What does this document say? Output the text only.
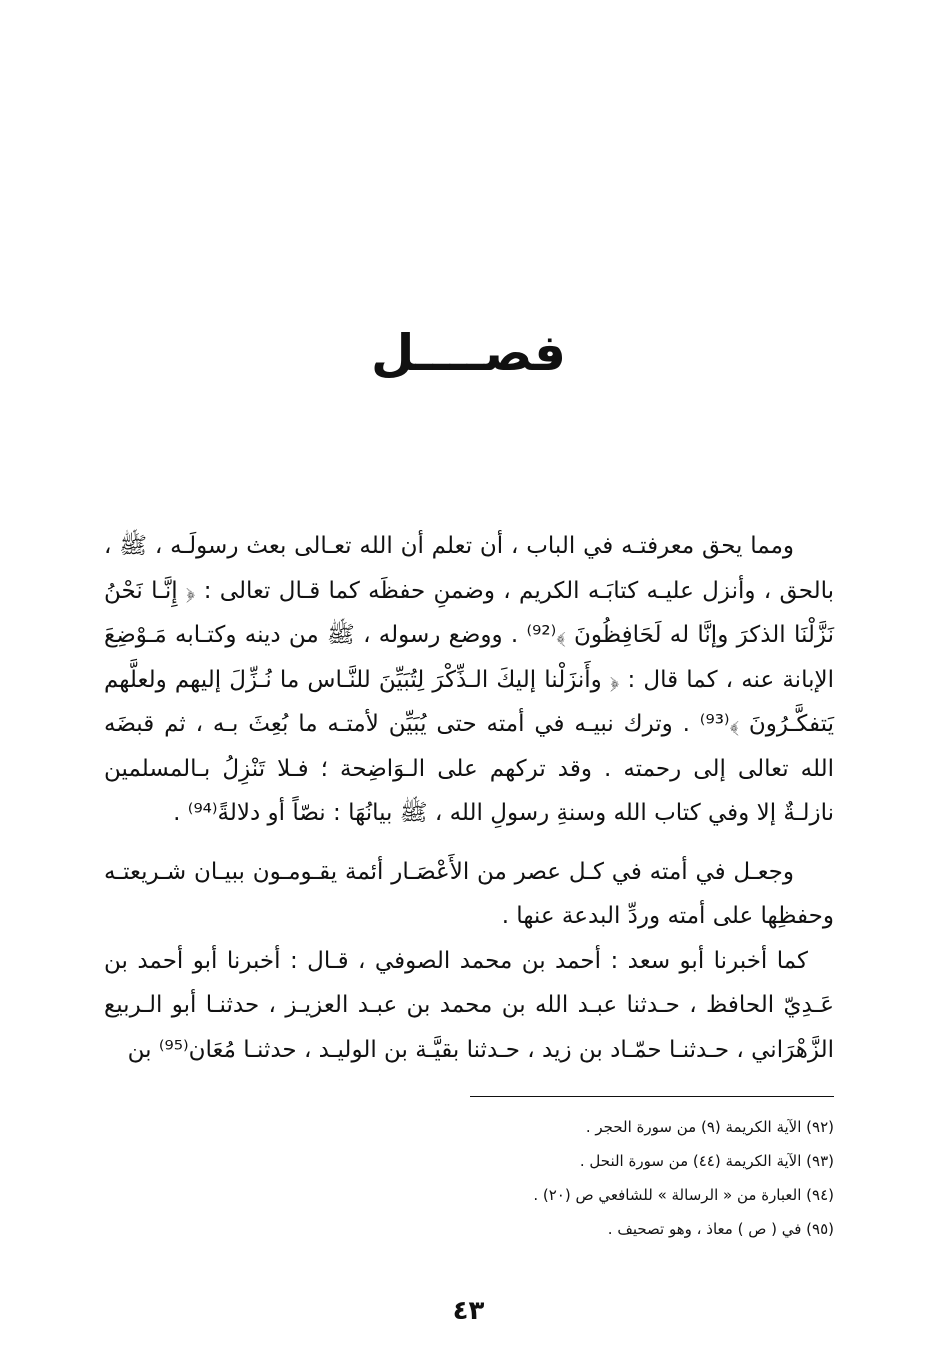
فصــــل

ومما يحق معرفتـه في الباب ، أن تعلم أن الله تعـالى بعث رسولَـه ، ﷺ ، بالحق ، وأنزل عليـه كتابَـه الكريم ، وضمنِ حفظَه كما قـال تعالى : ﴿ إِنَّـا نَحْنُ نَزَّلْنَا الذكرَ وإنَّا له لَحَافِظُونَ ﴾⁽⁹²⁾ . ووضع رسوله ، ﷺ من دينه وكتـابه مَـوْضِعَ الإبانة عنه ، كما قال : ﴿ وأَنزَلْنا إليكَ الـذِّكْرَ لِتُبَيِّنَ للنَّـاس ما نُـزِّلَ إليهم ولعلَّهم يَتفكَّـرُونَ ﴾⁽⁹³⁾ . وترك نبيـه في أمته حتى يُبَيِّن لأمتـه ما بُعِثَ بـه ، ثم قبضَه الله تعالى إلى رحمته . وقد تركهم على الـوَاضِحة ؛ فـلا تَنْزِلُ بـالمسلمين نازلـةٌ إلا وفي كتاب الله وسنةِ رسولِ الله ، ﷺ بيانُهَا : نصّاً أو دلالةً⁽⁹⁴⁾ .

وجعـل في أمته في كـل عصر من الأَعْصَـار أئمة يقـومـون ببيـان شـريعتـه وحفظِها على أمته وردِّ البدعة عنها .

كما أخبرنا أبو سعد : أحمد بن محمد الصوفي ، قـال : أخبرنا أبو أحمد بن عَـدِيّ الحافظ ، حـدثنا عبـد الله بن محمد بن عبـد العزيـز ، حدثنـا أبو الـربيع الزَّهْرَاني ، حـدثنـا حمّـاد بن زيد ، حـدثنا بقيَّـة بن الوليـد ، حدثنـا مُعَان⁽⁹⁵⁾ بن

(٩٢) الآية الكريمة (٩) من سورة الحجر .
(٩٣) الآية الكريمة (٤٤) من سورة النحل .
(٩٤) العبارة من « الرسالة » للشافعي ص (٢٠) .
(٩٥) في ( ص ) معاذ ، وهو تصحيف .
٤٣
